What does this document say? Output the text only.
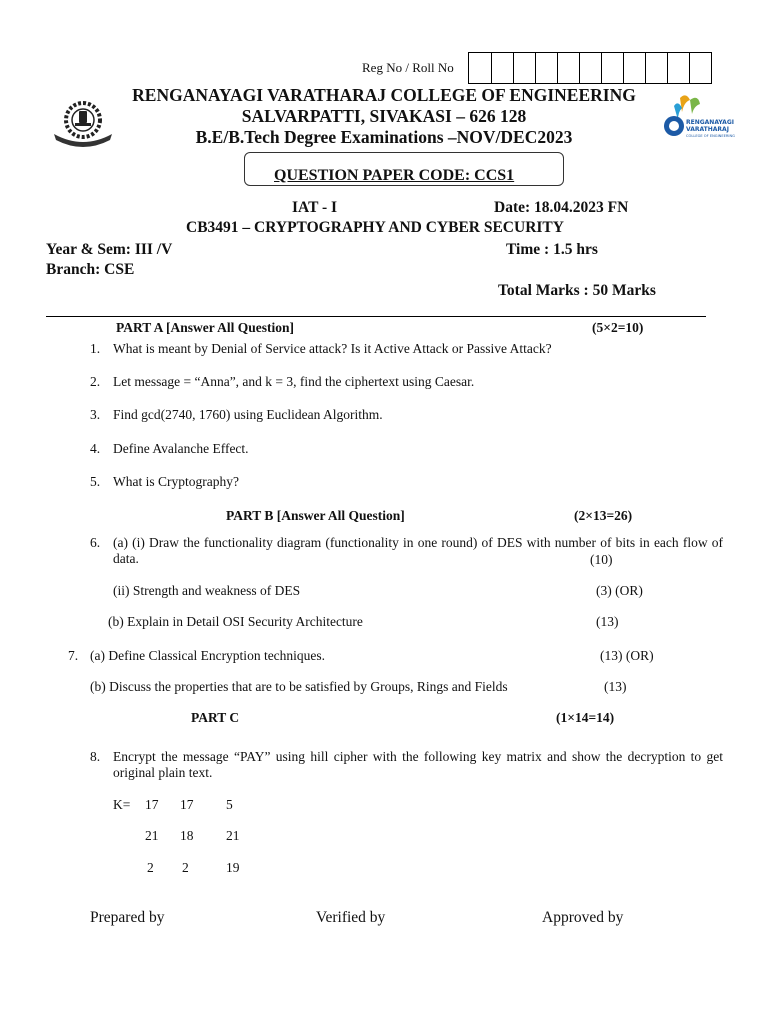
Reg No / Roll No
RENGANAYAGI
VARATHARAJ
COLLEGE OF ENGINEERING
RENGANAYAGI VARATHARAJ COLLEGE OF ENGINEERING
SALVARPATTI, SIVAKASI – 626 128
B.E/B.Tech Degree Examinations –NOV/DEC2023
QUESTION PAPER CODE: CCS1
IAT - I	Date: 18.04.2023 FN
CB3491 – CRYPTOGRAPHY AND CYBER SECURITY
Year & Sem: III /V	Time : 1.5 hrs
Branch: CSE
Total Marks : 50 Marks
PART A [Answer All Question]	(5×2=10)
1. What is meant by Denial of Service attack? Is it Active Attack or Passive Attack?
2. Let message = “Anna”, and k = 3, find the ciphertext using Caesar.
3. Find gcd(2740, 1760) using Euclidean Algorithm.
4. Define Avalanche Effect.
5. What is Cryptography?
PART B [Answer All Question]	(2×13=26)
6. (a) (i) Draw the functionality diagram (functionality in one round) of DES with number of bits in each flow of data.	(10)
(ii) Strength and weakness of DES	(3) (OR)
(b) Explain in Detail OSI Security Architecture	(13)
7. (a) Define Classical Encryption techniques.	(13) (OR)
(b) Discuss the properties that are to be satisfied by Groups, Rings and Fields	(13)
PART C	(1×14=14)
8. Encrypt the message “PAY” using hill cipher with the following key matrix and show the decryption to get original plain text.
K= 17 17 5
21 18 21
2 2	19
Prepared by	Verified by	Approved by
